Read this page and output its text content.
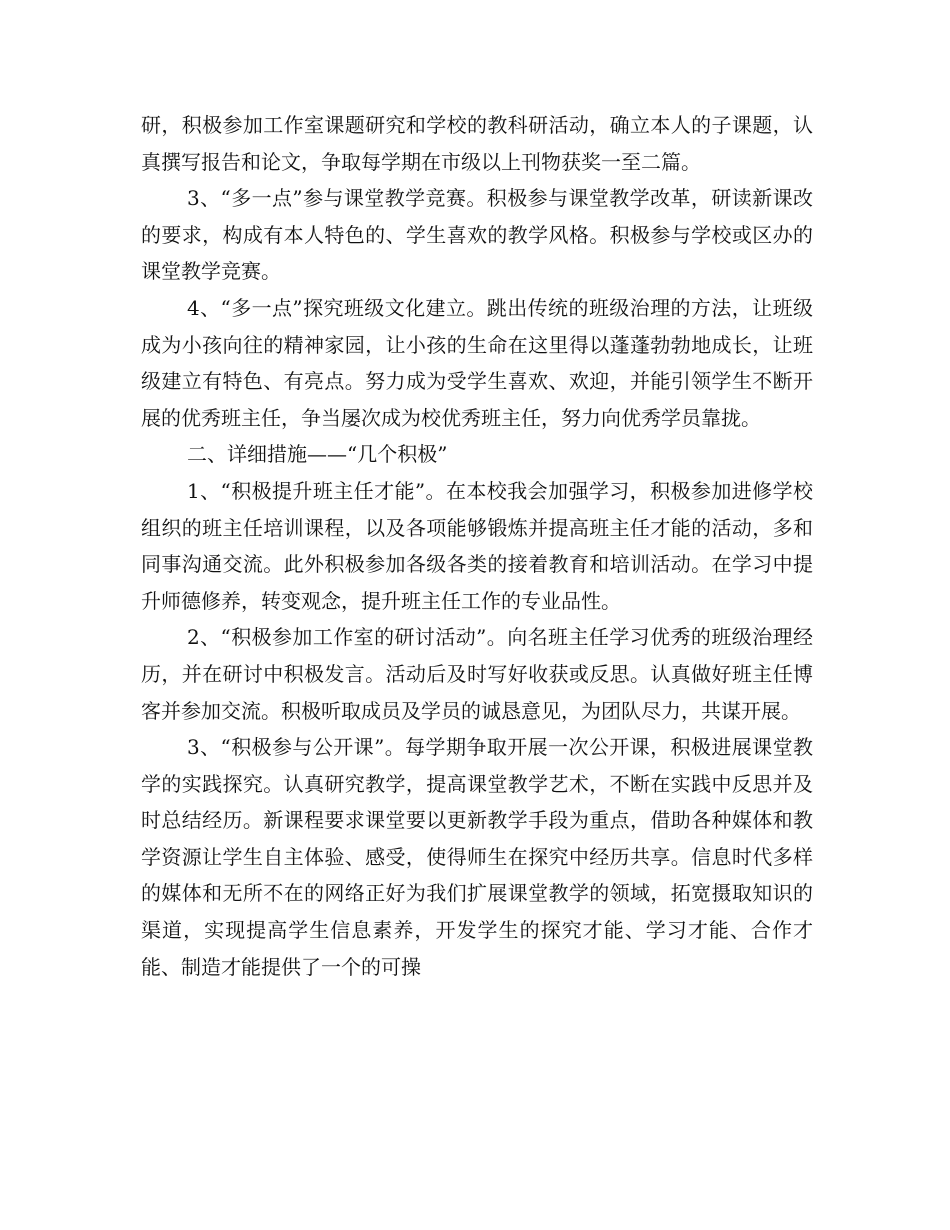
研，积极参加工作室课题研究和学校的教科研活动，确立本人的子课题，认真撰写报告和论文，争取每学期在市级以上刊物获奖一至二篇。

3、“多一点”参与课堂教学竞赛。积极参与课堂教学改革，研读新课改的要求，构成有本人特色的、学生喜欢的教学风格。积极参与学校或区办的课堂教学竞赛。

4、“多一点”探究班级文化建立。跳出传统的班级治理的方法，让班级成为小孩向往的精神家园，让小孩的生命在这里得以蓬蓬勃勃地成长，让班级建立有特色、有亮点。努力成为受学生喜欢、欢迎，并能引领学生不断开展的优秀班主任，争当屡次成为校优秀班主任，努力向优秀学员靠拢。

二、详细措施——“几个积极”

1、“积极提升班主任才能”。在本校我会加强学习，积极参加进修学校组织的班主任培训课程，以及各项能够锻炼并提高班主任才能的活动，多和同事沟通交流。此外积极参加各级各类的接着教育和培训活动。在学习中提升师德修养，转变观念，提升班主任工作的专业品性。

2、“积极参加工作室的研讨活动”。向名班主任学习优秀的班级治理经历，并在研讨中积极发言。活动后及时写好收获或反思。认真做好班主任博客并参加交流。积极听取成员及学员的诚恳意见，为团队尽力，共谋开展。

3、“积极参与公开课”。每学期争取开展一次公开课，积极进展课堂教学的实践探究。认真研究教学，提高课堂教学艺术，不断在实践中反思并及时总结经历。新课程要求课堂要以更新教学手段为重点，借助各种媒体和教学资源让学生自主体验、感受，使得师生在探究中经历共享。信息时代多样的媒体和无所不在的网络正好为我们扩展课堂教学的领域，拓宽摄取知识的渠道，实现提高学生信息素养，开发学生的探究才能、学习才能、合作才能、制造才能提供了一个的可操
